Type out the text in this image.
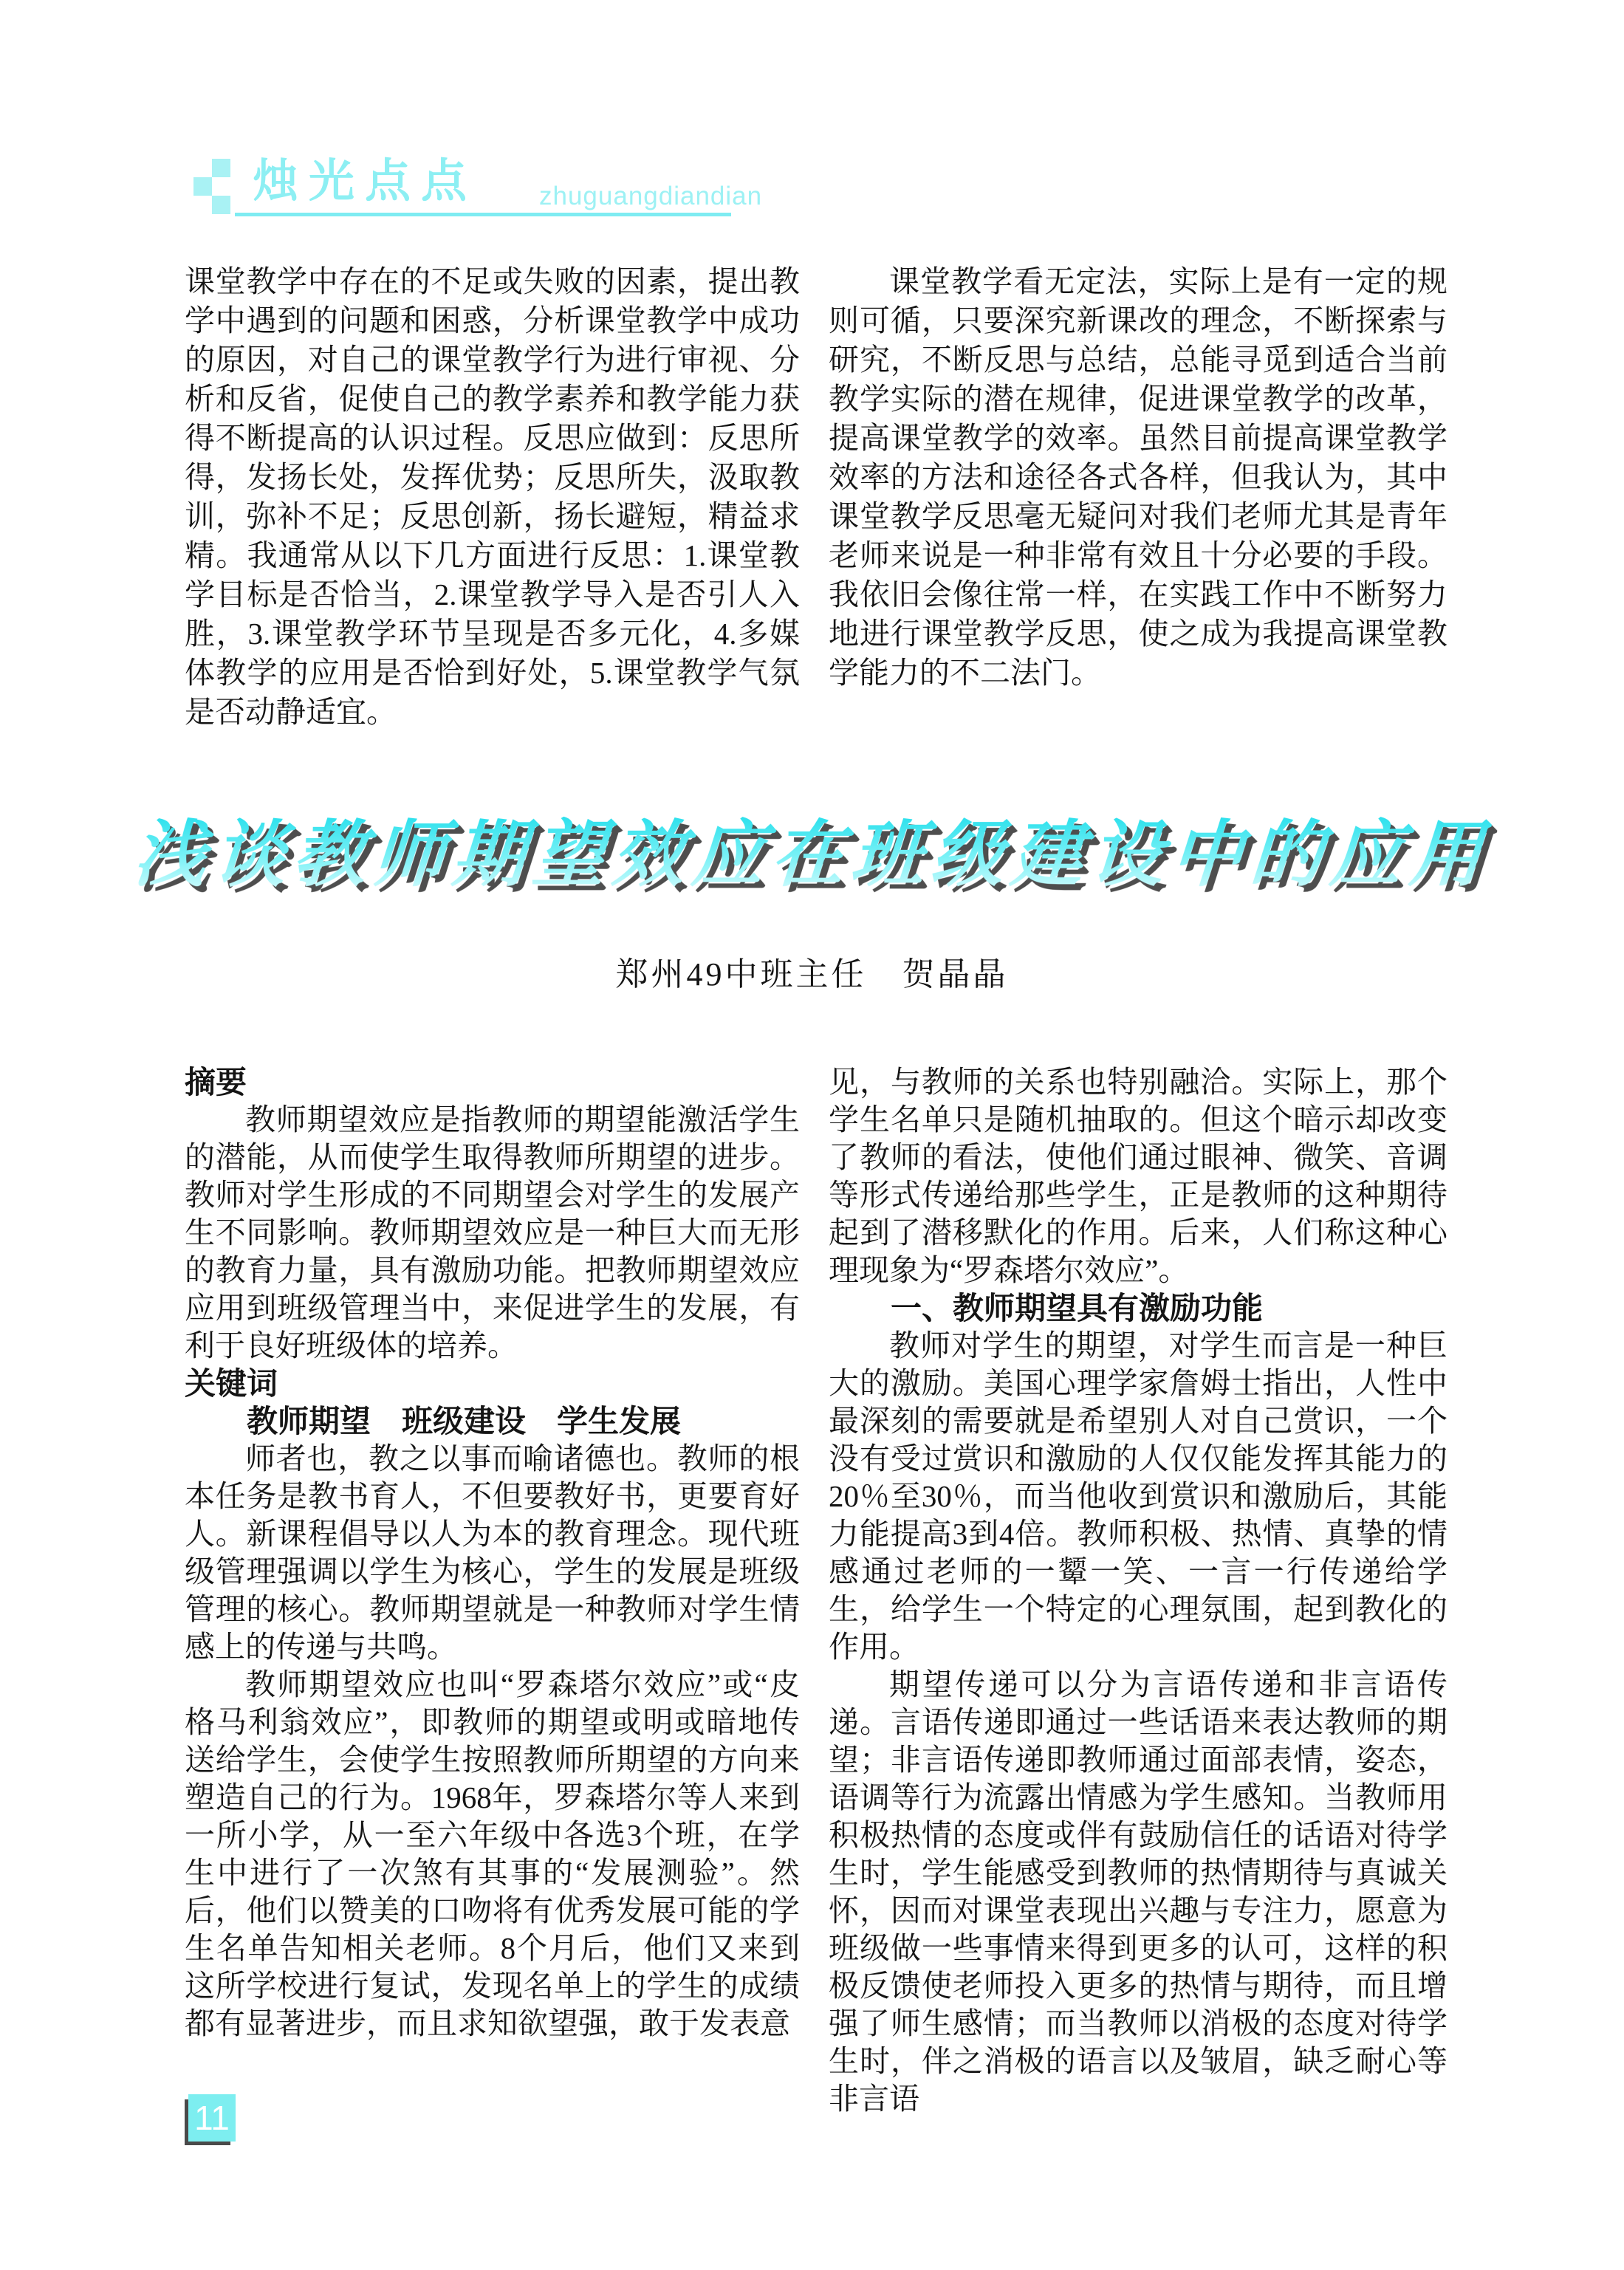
烛光点点 zhuguangdiandian

课堂教学中存在的不足或失败的因素，提出教学中遇到的问题和困惑，分析课堂教学中成功的原因，对自己的课堂教学行为进行审视、分析和反省，促使自己的教学素养和教学能力获得不断提高的认识过程。反思应做到：反思所得，发扬长处，发挥优势；反思所失，汲取教训，弥补不足；反思创新，扬长避短，精益求精。我通常从以下几方面进行反思：1.课堂教学目标是否恰当，2.课堂教学导入是否引人入胜，3.课堂教学环节呈现是否多元化，4.多媒体教学的应用是否恰到好处，5.课堂教学气氛是否动静适宜。

课堂教学看无定法，实际上是有一定的规则可循，只要深究新课改的理念，不断探索与研究，不断反思与总结，总能寻觅到适合当前教学实际的潜在规律，促进课堂教学的改革，提高课堂教学的效率。虽然目前提高课堂教学效率的方法和途径各式各样，但我认为，其中课堂教学反思毫无疑问对我们老师尤其是青年老师来说是一种非常有效且十分必要的手段。我依旧会像往常一样，在实践工作中不断努力地进行课堂教学反思，使之成为我提高课堂教学能力的不二法门。

浅谈教师期望效应在班级建设中的应用
郑州49中班主任　贺晶晶

摘要

教师期望效应是指教师的期望能激活学生的潜能，从而使学生取得教师所期望的进步。教师对学生形成的不同期望会对学生的发展产生不同影响。教师期望效应是一种巨大而无形的教育力量，具有激励功能。把教师期望效应应用到班级管理当中，来促进学生的发展，有利于良好班级体的培养。

关键词

教师期望　班级建设　学生发展

师者也，教之以事而喻诸德也。教师的根本任务是教书育人，不但要教好书，更要育好人。新课程倡导以人为本的教育理念。现代班级管理强调以学生为核心，学生的发展是班级管理的核心。教师期望就是一种教师对学生情感上的传递与共鸣。

教师期望效应也叫“罗森塔尔效应”或“皮格马利翁效应”，即教师的期望或明或暗地传送给学生，会使学生按照教师所期望的方向来塑造自己的行为。1968年，罗森塔尔等人来到一所小学，从一至六年级中各选3个班，在学生中进行了一次煞有其事的“发展测验”。然后，他们以赞美的口吻将有优秀发展可能的学生名单告知相关老师。8个月后，他们又来到这所学校进行复试，发现名单上的学生的成绩都有显著进步，而且求知欲望强，敢于发表意

见，与教师的关系也特别融洽。实际上，那个学生名单只是随机抽取的。但这个暗示却改变了教师的看法，使他们通过眼神、微笑、音调等形式传递给那些学生，正是教师的这种期待起到了潜移默化的作用。后来，人们称这种心理现象为“罗森塔尔效应”。

一、教师期望具有激励功能

教师对学生的期望，对学生而言是一种巨大的激励。美国心理学家詹姆士指出，人性中最深刻的需要就是希望别人对自己赏识，一个没有受过赏识和激励的人仅仅能发挥其能力的20％至30％，而当他收到赏识和激励后，其能力能提高3到4倍。教师积极、热情、真挚的情感通过老师的一颦一笑、一言一行传递给学生，给学生一个特定的心理氛围，起到教化的作用。

期望传递可以分为言语传递和非言语传递。言语传递即通过一些话语来表达教师的期望；非言语传递即教师通过面部表情，姿态，语调等行为流露出情感为学生感知。当教师用积极热情的态度或伴有鼓励信任的话语对待学生时，学生能感受到教师的热情期待与真诚关怀，因而对课堂表现出兴趣与专注力，愿意为班级做一些事情来得到更多的认可，这样的积极反馈使老师投入更多的热情与期待，而且增强了师生感情；而当教师以消极的态度对待学生时，伴之消极的语言以及皱眉，缺乏耐心等非言语

11
